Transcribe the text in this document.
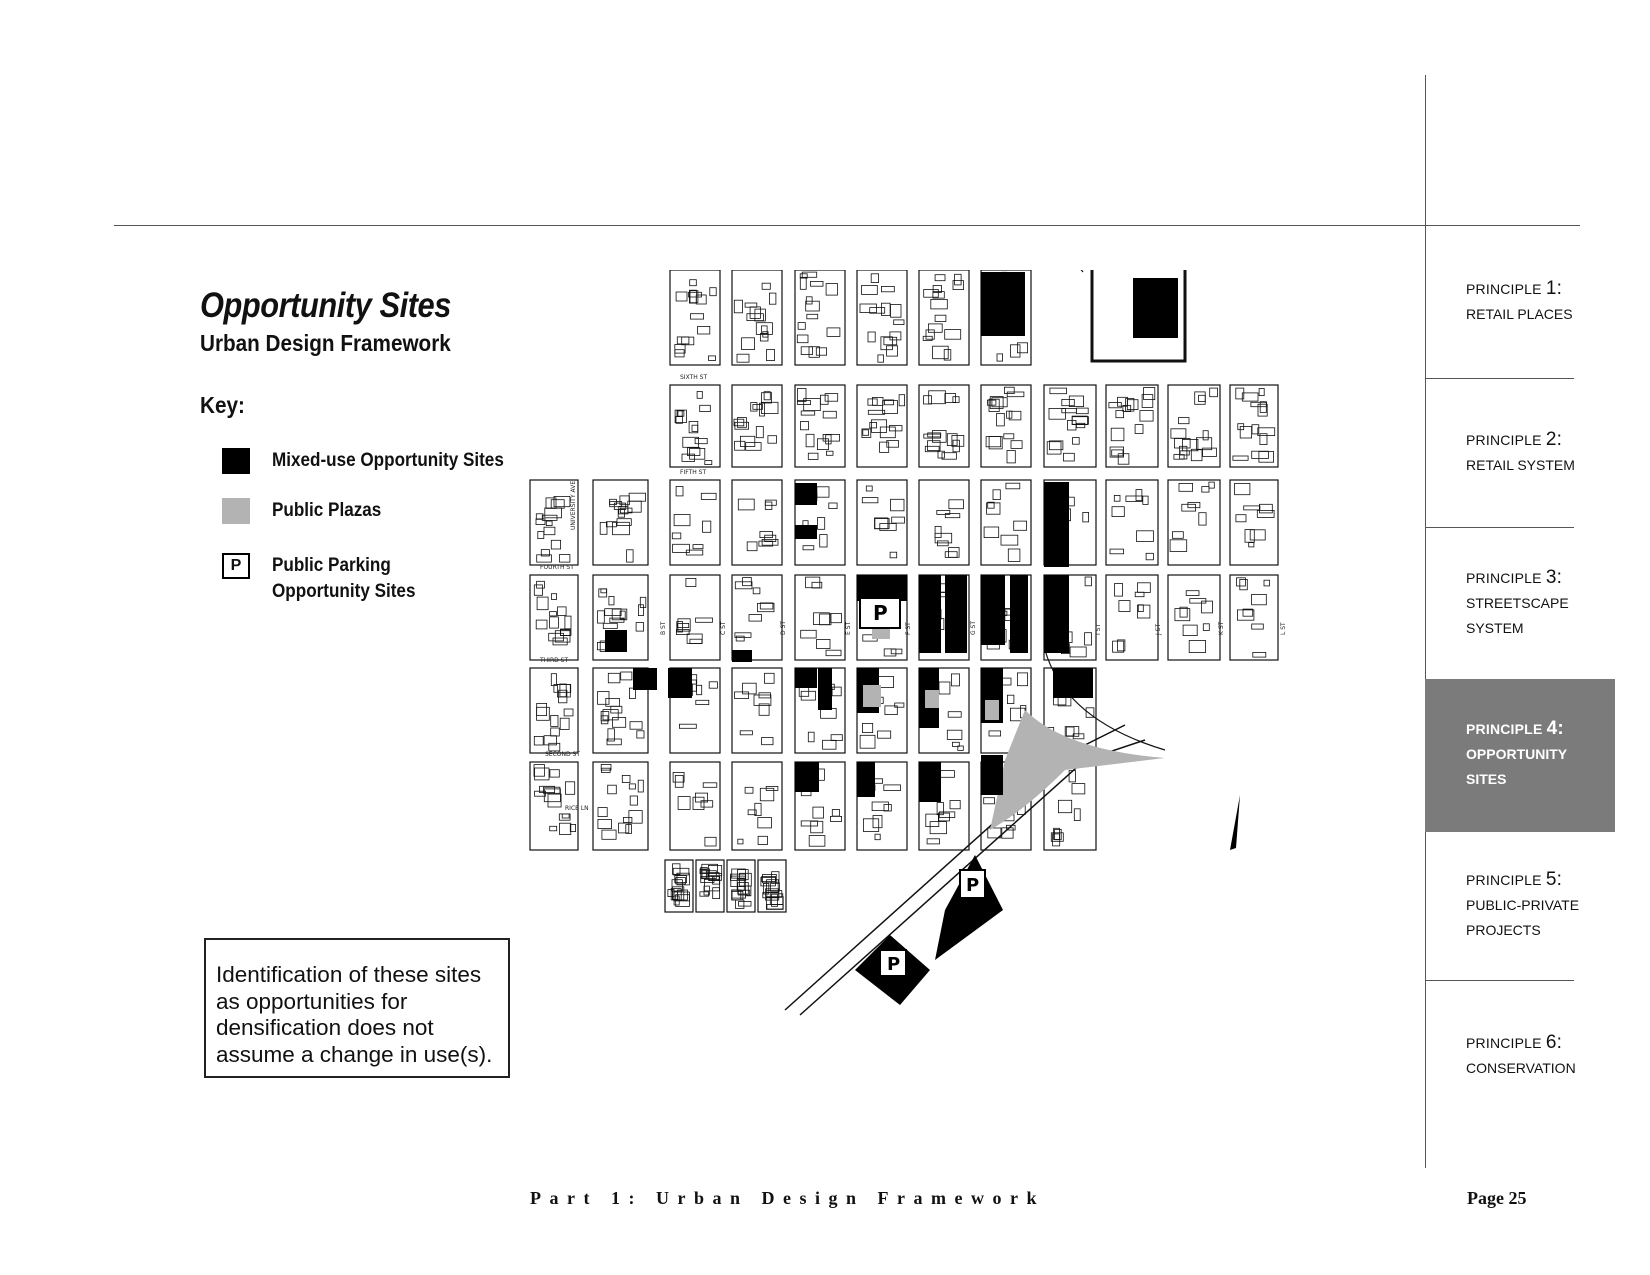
Opportunity Sites
Urban Design Framework
Key:
Mixed-use Opportunity Sites
Public Plazas
P	Public Parking
Opportunity Sites
Identification of these sites as opportunities for densification does not assume a change in use(s).
P
P
P
SIXTH ST
FIFTH ST
FOURTH ST
THIRD ST
SECOND ST
RICE LN
UNIVERSITY AVE
B ST	C ST	D ST	E ST	F ST	G ST	I ST	J ST	K ST	L ST
PRINCIPLE 1:
RETAIL PLACES
PRINCIPLE 2:
RETAIL SYSTEM
PRINCIPLE 3:
STREETSCAPE
SYSTEM
PRINCIPLE 4:
OPPORTUNITY
SITES
PRINCIPLE 5:
PUBLIC-PRIVATE
PROJECTS
PRINCIPLE 6:
CONSERVATION
Part 1: Urban Design Framework	Page 25
